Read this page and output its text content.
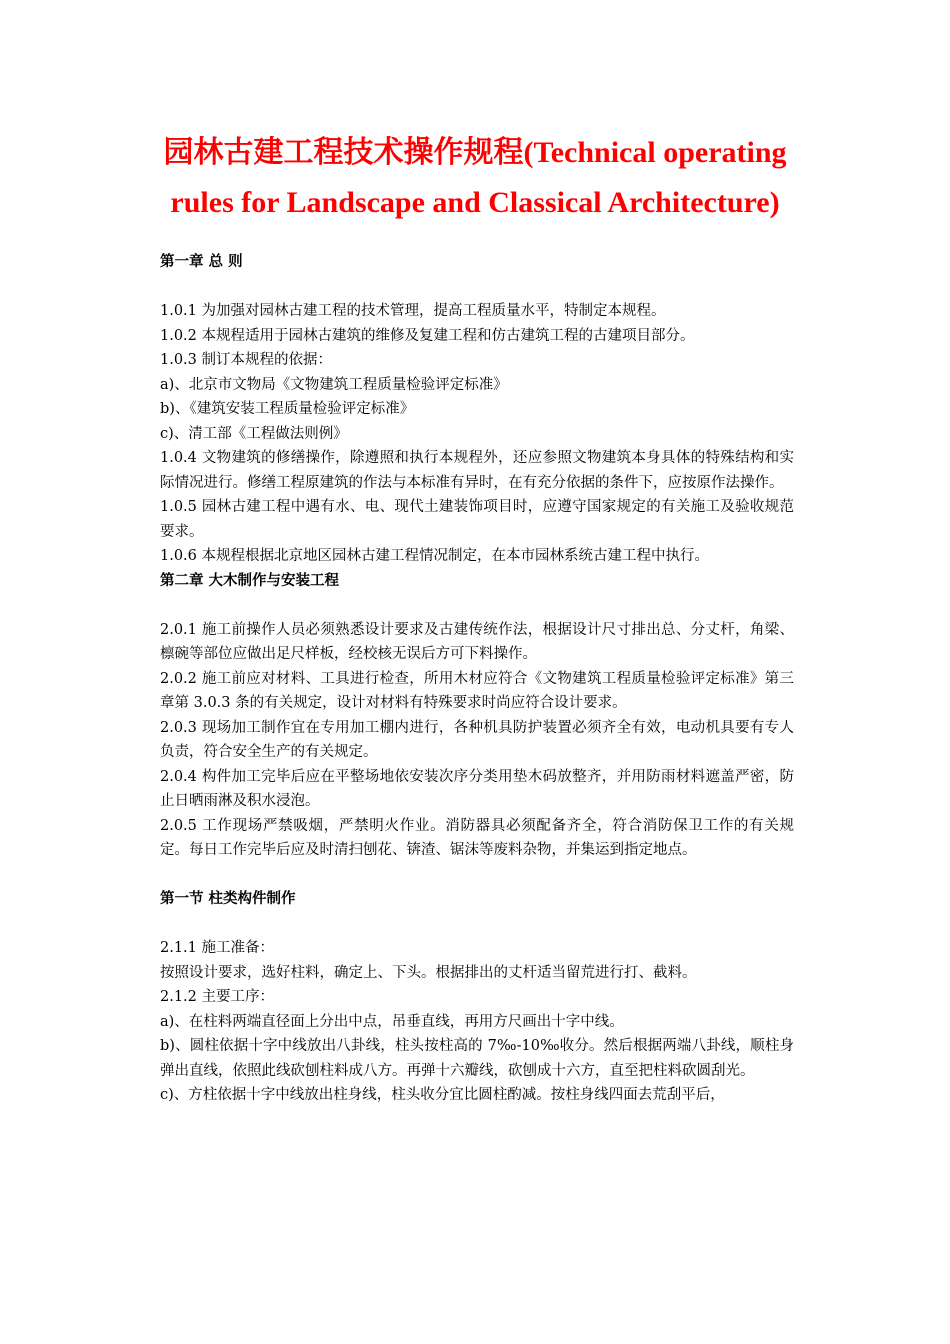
园林古建工程技术操作规程(Technical operating rules for Landscape and Classical Architecture)

第一章 总 则

1.0.1 为加强对园林古建工程的技术管理，提高工程质量水平，特制定本规程。

1.0.2 本规程适用于园林古建筑的维修及复建工程和仿古建筑工程的古建项目部分。

1.0.3 制订本规程的依据：

a)、北京市文物局《文物建筑工程质量检验评定标准》

b)、《建筑安装工程质量检验评定标准》

c)、清工部《工程做法则例》

1.0.4 文物建筑的修缮操作，除遵照和执行本规程外，还应参照文物建筑本身具体的特殊结构和实际情况进行。修缮工程原建筑的作法与本标准有异时，在有充分依据的条件下，应按原作法操作。

1.0.5 园林古建工程中遇有水、电、现代土建装饰项目时，应遵守国家规定的有关施工及验收规范要求。

1.0.6 本规程根据北京地区园林古建工程情况制定，在本市园林系统古建工程中执行。

第二章 大木制作与安装工程

2.0.1 施工前操作人员必须熟悉设计要求及古建传统作法，根据设计尺寸排出总、分丈杆，角梁、檩碗等部位应做出足尺样板，经校核无误后方可下料操作。

2.0.2 施工前应对材料、工具进行检查，所用木材应符合《文物建筑工程质量检验评定标准》第三章第 3.0.3 条的有关规定，设计对材料有特殊要求时尚应符合设计要求。

2.0.3 现场加工制作宜在专用加工棚内进行，各种机具防护装置必须齐全有效，电动机具要有专人负责，符合安全生产的有关规定。

2.0.4 构件加工完毕后应在平整场地依安装次序分类用垫木码放整齐，并用防雨材料遮盖严密，防止日晒雨淋及积水浸泡。

2.0.5 工作现场严禁吸烟，严禁明火作业。消防器具必须配备齐全，符合消防保卫工作的有关规定。每日工作完毕后应及时清扫刨花、锛渣、锯沫等废料杂物，并集运到指定地点。

第一节 柱类构件制作

2.1.1 施工准备：

按照设计要求，选好柱料，确定上、下头。根据排出的丈杆适当留荒进行打、截料。

2.1.2 主要工序：

a)、在柱料两端直径面上分出中点，吊垂直线，再用方尺画出十字中线。

b)、圆柱依据十字中线放出八卦线，柱头按柱高的 7‰-10‰收分。然后根据两端八卦线，顺柱身弹出直线，依照此线砍刨柱料成八方。再弹十六瓣线，砍刨成十六方，直至把柱料砍圆刮光。

c)、方柱依据十字中线放出柱身线，柱头收分宜比圆柱酌减。按柱身线四面去荒刮平后，
